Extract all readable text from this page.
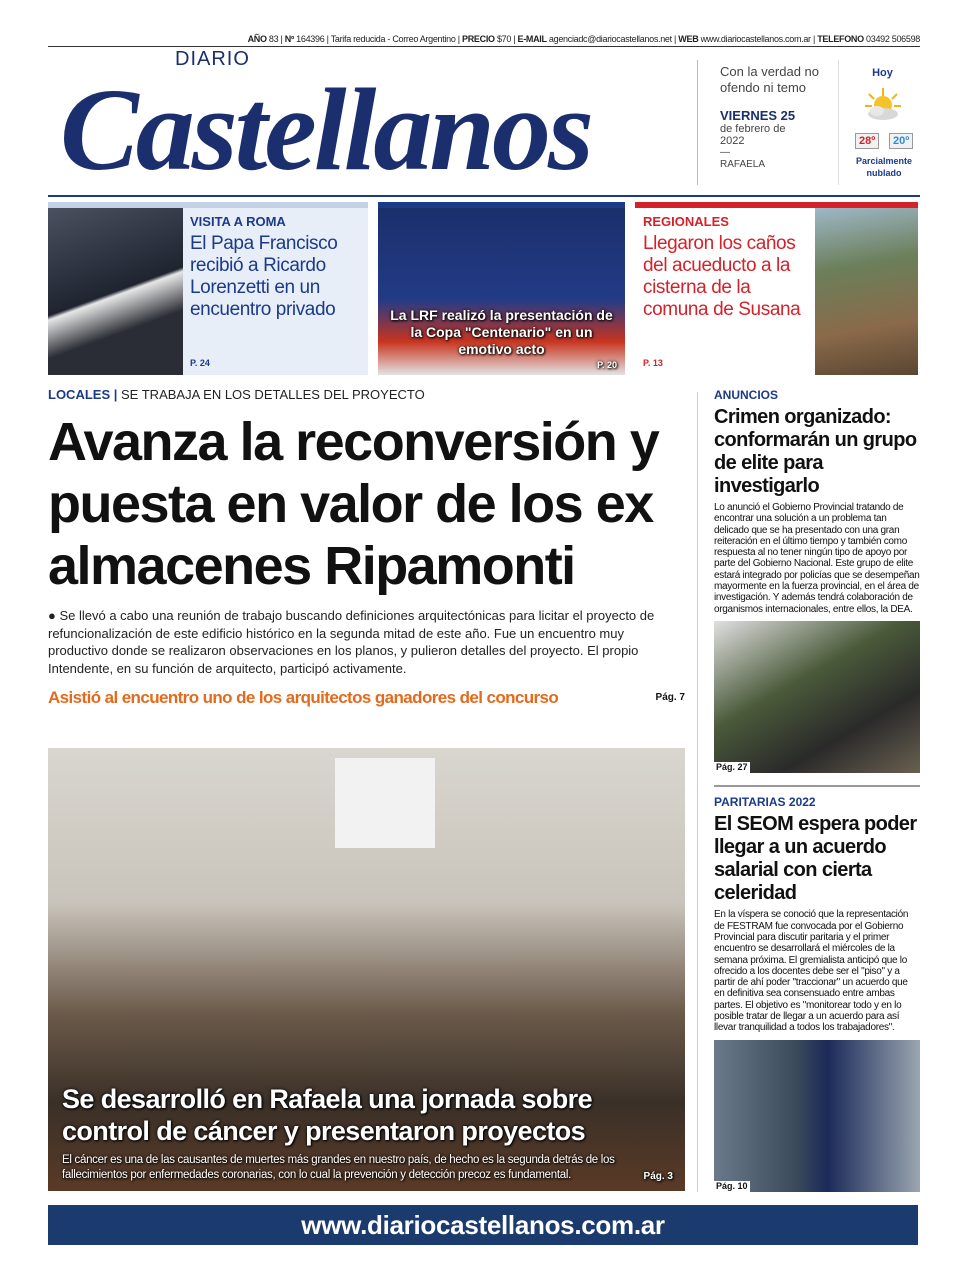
AÑO 83 | Nº 164396 | Tarifa reducida - Correo Argentino | PRECIO $70 | E-MAIL agenciadc@diariocastellanos.net | WEB www.diariocastellanos.com.ar | TELEFONO 03492 506598
DIARIO
Castellanos	Con la verdad no ofendo ni temo
VIERNES 25
de febrero de 2022
—
RAFAELA
Hoy
28º	20º
Parcialmente nublado
VISITA A ROMA
El Papa Francisco recibió a Ricardo Lorenzetti en un encuentro privado
P. 24
La LRF realizó la presentación de la Copa "Centenario" en un emotivo acto
P. 20
REGIONALES
Llegaron los caños del acueducto a la cisterna de la comuna de Susana
P. 13
LOCALES | SE TRABAJA EN LOS DETALLES DEL PROYECTO
Avanza la reconversión y puesta en valor de los ex almacenes Ripamonti
● Se llevó a cabo una reunión de trabajo buscando definiciones arquitectónicas para licitar el proyecto de refuncionalización de este edificio histórico en la segunda mitad de este año. Fue un encuentro muy productivo donde se realizaron observaciones en los planos, y pulieron detalles del proyecto. El propio Intendente, en su función de arquitecto, participó activamente.
Asistió al encuentro uno de los arquitectos ganadores del concurso	Pág. 7
Se desarrolló en Rafaela una jornada sobre control de cáncer y presentaron proyectos
El cáncer es una de las causantes de muertes más grandes en nuestro país, de hecho es la segunda detrás de los fallecimientos por enfermedades coronarias, con lo cual la prevención y detección precoz es fundamental.	Pág. 3
ANUNCIOS
Crimen organizado: conformarán un grupo de elite para investigarlo
Lo anunció el Gobierno Provincial tratando de encontrar una solución a un problema tan delicado que se ha presentado con una gran reiteración en el último tiempo y también como respuesta al no tener ningún tipo de apoyo por parte del Gobierno Nacional. Este grupo de elite estará integrado por policías que se desempeñan mayormente en la fuerza provincial, en el área de investigación. Y además tendrá colaboración de organismos internacionales, entre ellos, la DEA.
Pág. 27
PARITARIAS 2022
El SEOM espera poder llegar a un acuerdo salarial con cierta celeridad
En la víspera se conoció que la representación de FESTRAM fue convocada por el Gobierno Provincial para discutir paritaria y el primer encuentro se desarrollará el miércoles de la semana próxima. El gremialista anticipó que lo ofrecido a los docentes debe ser el "piso" y a partir de ahí poder "traccionar" un acuerdo que en definitiva sea consensuado entre ambas partes. El objetivo es "monitorear todo y en lo posible tratar de llegar a un acuerdo para así llevar tranquilidad a todos los trabajadores".
Pág. 10
www.diariocastellanos.com.ar
